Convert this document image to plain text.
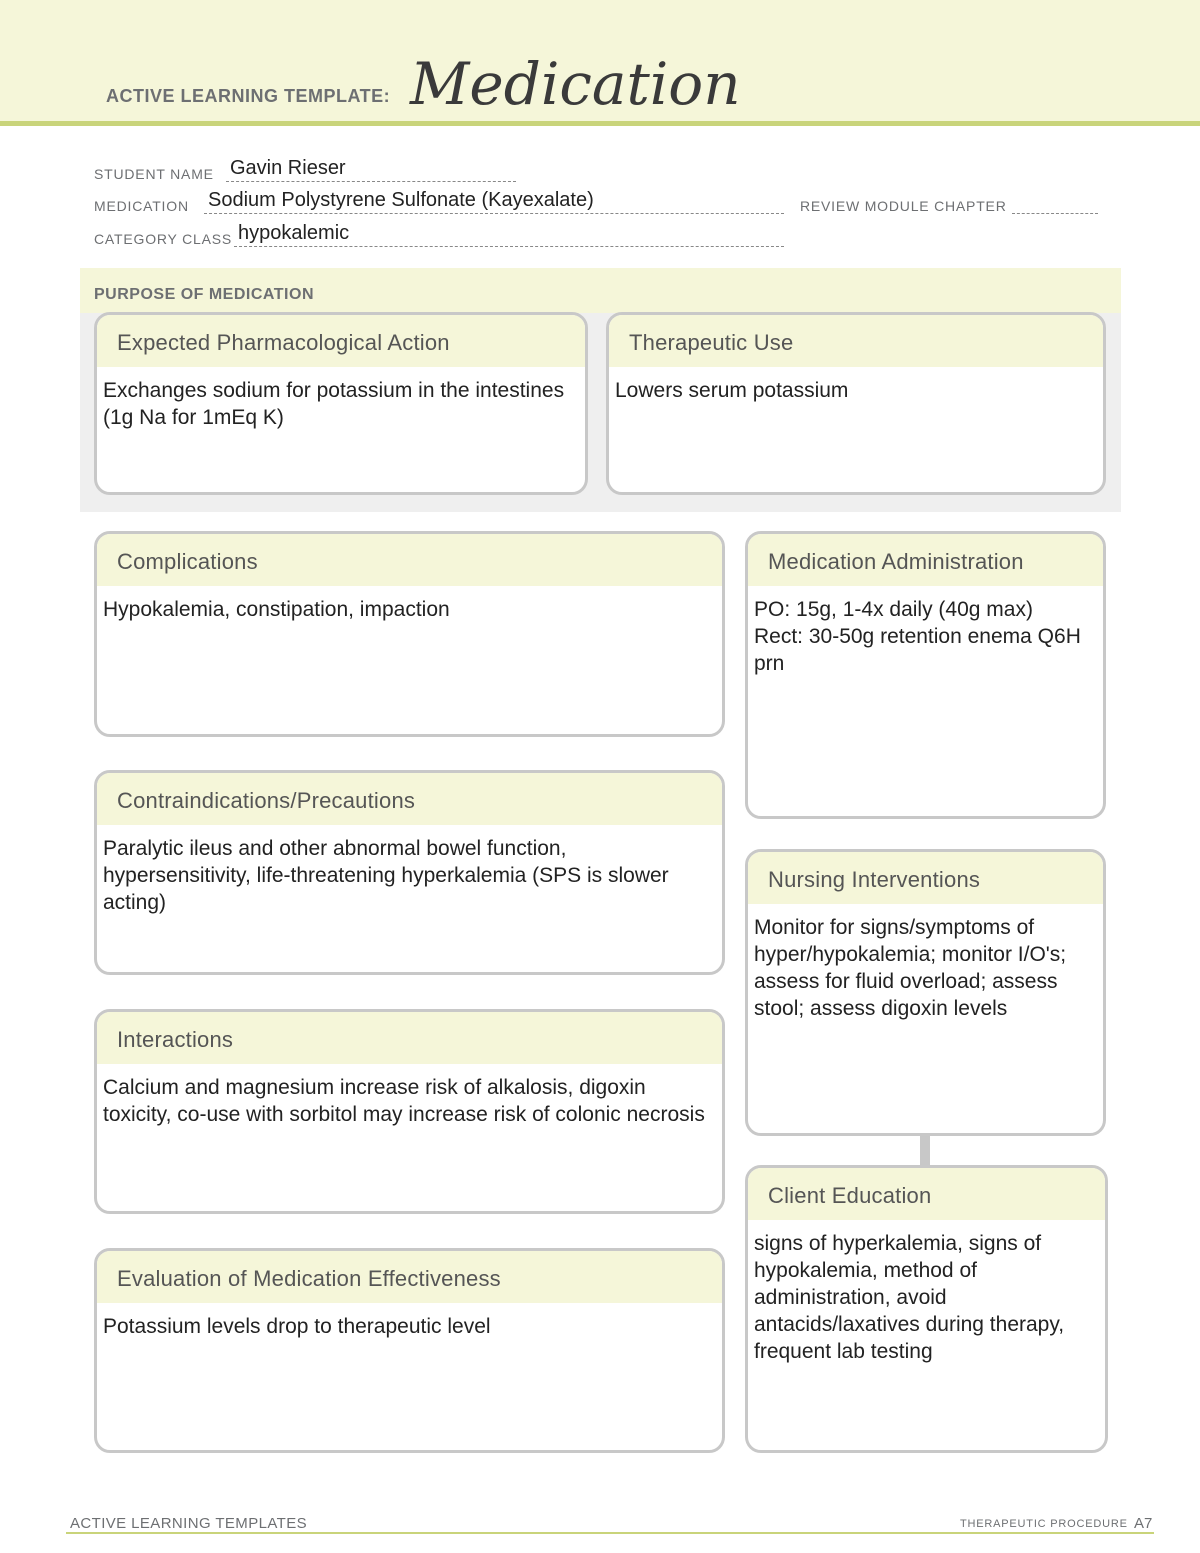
ACTIVE LEARNING TEMPLATE: Medication
STUDENT NAME Gavin Rieser
MEDICATION Sodium Polystyrene Sulfonate (Kayexalate)	REVIEW MODULE CHAPTER
CATEGORY CLASS hypokalemic
PURPOSE OF MEDICATION
Expected Pharmacological Action
Exchanges sodium for potassium in the intestines (1g Na for 1mEq K)
Therapeutic Use
Lowers serum potassium
Complications
Hypokalemia, constipation, impaction
Contraindications/Precautions
Paralytic ileus and other abnormal bowel function, hypersensitivity, life-threatening hyperkalemia (SPS is slower acting)
Interactions
Calcium and magnesium increase risk of alkalosis, digoxin toxicity, co-use with sorbitol may increase risk of colonic necrosis
Evaluation of Medication Effectiveness
Potassium levels drop to therapeutic level
Medication Administration
PO: 15g, 1-4x daily (40g max)
Rect: 30-50g retention enema Q6H prn
Nursing Interventions
Monitor for signs/symptoms of hyper/hypokalemia; monitor I/O's; assess for fluid overload; assess stool; assess digoxin levels
Client Education
signs of hyperkalemia, signs of hypokalemia, method of administration, avoid antacids/laxatives during therapy, frequent lab testing
ACTIVE LEARNING TEMPLATES	THERAPEUTIC PROCEDURE A7
